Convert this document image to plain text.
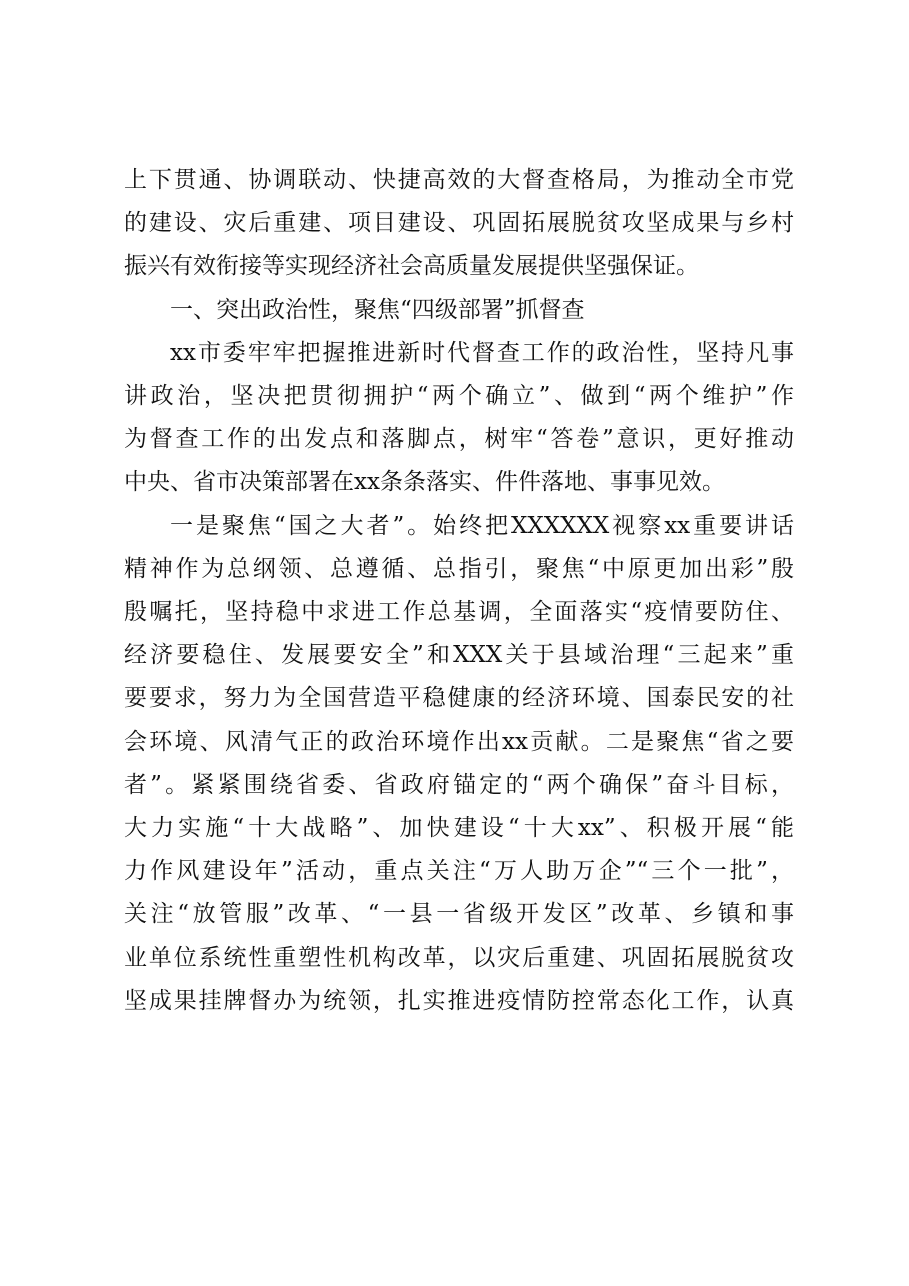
上下贯通、协调联动、快捷高效的大督查格局，为推动全市党
的建设、灾后重建、项目建设、巩固拓展脱贫攻坚成果与乡村
振兴有效衔接等实现经济社会高质量发展提供坚强保证。
一、突出政治性，聚焦“四级部署”抓督查
xx市委牢牢把握推进新时代督查工作的政治性，坚持凡事
讲政治，坚决把贯彻拥护“两个确立”、做到“两个维护”作
为督查工作的出发点和落脚点，树牢“答卷”意识，更好推动
中央、省市决策部署在xx条条落实、件件落地、事事见效。
一是聚焦“国之大者”。始终把XXXXXX视察xx重要讲话
精神作为总纲领、总遵循、总指引，聚焦“中原更加出彩”殷
殷嘱托，坚持稳中求进工作总基调，全面落实“疫情要防住、
经济要稳住、发展要安全”和XXX关于县域治理“三起来”重
要要求，努力为全国营造平稳健康的经济环境、国泰民安的社
会环境、风清气正的政治环境作出xx贡献。二是聚焦“省之要
者”。紧紧围绕省委、省政府锚定的“两个确保”奋斗目标，
大力实施“十大战略”、加快建设“十大xx”、积极开展“能
力作风建设年”活动，重点关注“万人助万企”“三个一批”，
关注“放管服”改革、“一县一省级开发区”改革、乡镇和事
业单位系统性重塑性机构改革，以灾后重建、巩固拓展脱贫攻
坚成果挂牌督办为统领，扎实推进疫情防控常态化工作，认真
